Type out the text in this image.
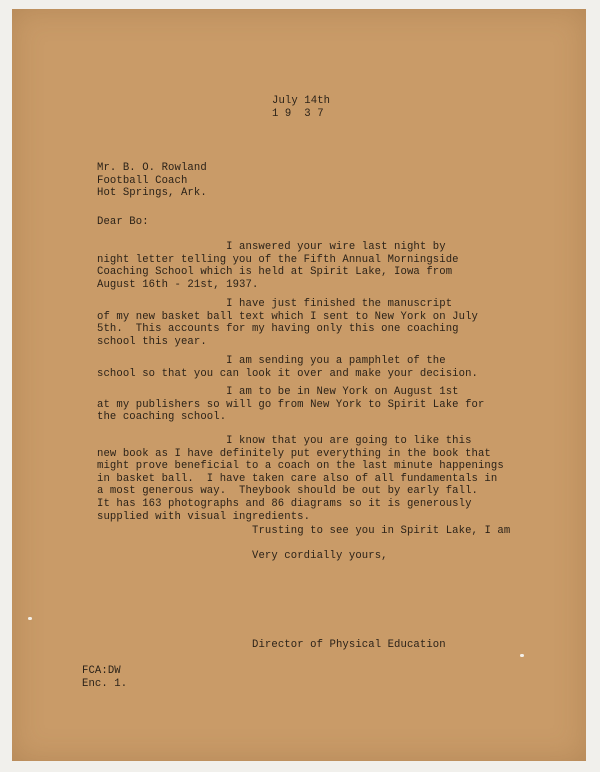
July 14th
1 9  3 7
Mr. B. O. Rowland
Football Coach
Hot Springs, Ark.
Dear Bo:
I answered your wire last night by
night letter telling you of the Fifth Annual Morningside
Coaching School which is held at Spirit Lake, Iowa from
August 16th - 21st, 1937.
I have just finished the manuscript
of my new basket ball text which I sent to New York on July
5th.  This accounts for my having only this one coaching
school this year.
I am sending you a pamphlet of the
school so that you can look it over and make your decision.
I am to be in New York on August 1st
at my publishers so will go from New York to Spirit Lake for
the coaching school.
I know that you are going to like this
new book as I have definitely put everything in the book that
might prove beneficial to a coach on the last minute happenings
in basket ball.  I have taken care also of all fundamentals in
a most generous way.  Theybook should be out by early fall.
It has 163 photographs and 86 diagrams so it is generously
supplied with visual ingredients.
Trusting to see you in Spirit Lake, I am
Very cordially yours,
Director of Physical Education
FCA:DW
Enc. 1.
